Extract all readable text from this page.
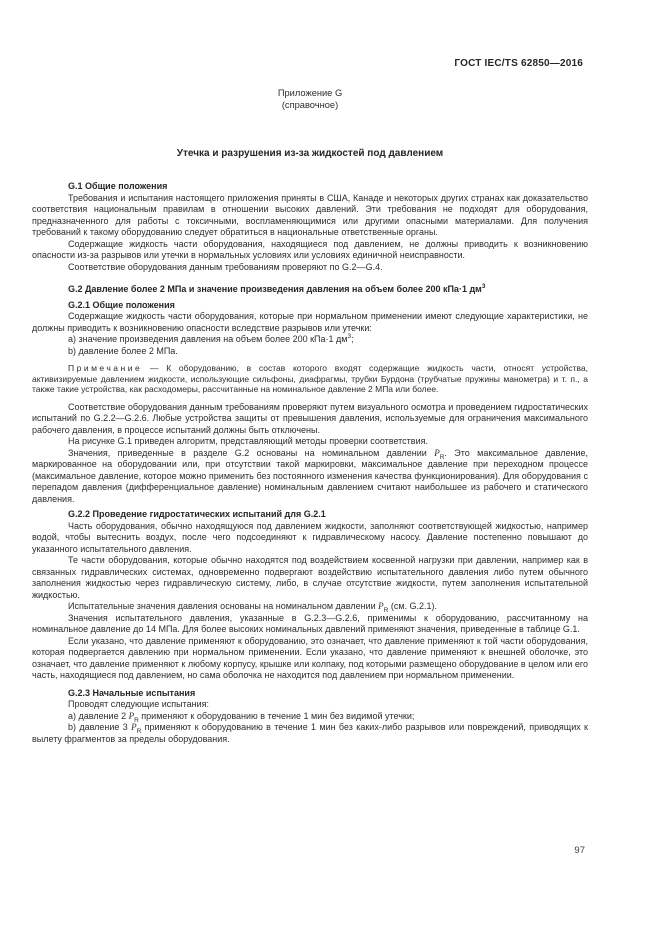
ГОСТ IEC/TS 62850—2016
Приложение G
(справочное)
Утечка и разрушения из-за жидкостей под давлением
G.1 Общие положения

Требования и испытания настоящего приложения приняты в США, Канаде и некоторых других странах как доказательство соответствия национальным правилам в отношении высоких давлений. Эти требования не подходят для оборудования, предназначенного для работы с токсичными, воспламеняющимися или другими опасными материалами. Для получения требований к такому оборудованию следует обратиться в национальные ответственные органы.

Содержащие жидкость части оборудования, находящиеся под давлением, не должны приводить к возникновению опасности из-за разрывов или утечки в нормальных условиях или условиях единичной неисправности.

Соответствие оборудования данным требованиям проверяют по G.2—G.4.

G.2 Давление более 2 МПа и значение произведения давления на объем более 200 кПа·1 $дм^3$
G.2.1 Общие положения

Содержащие жидкость части оборудования, которые при нормальном применении имеют следующие характеристики, не должны приводить к возникновению опасности вследствие разрывов или утечки:

a) значение произведения давления на объем более 200 кПа·1 $дм^3$;

b) давление более 2 МПа.

Примечание — К оборудованию, в состав которого входят содержащие жидкость части, относят устройства, активизируемые давлением жидкости, использующие сильфоны, диафрагмы, трубки Бурдона (трубчатые пружины манометра) и т. п., а также такие устройства, как расходомеры, рассчитанные на номинальное давление 2 МПа или более.

Соответствие оборудования данным требованиям проверяют путем визуального осмотра и проведением гидростатических испытаний по G.2.2—G.2.6. Любые устройства защиты от превышения давления, используемые для ограничения максимального рабочего давления, в процессе испытаний должны быть отключены.

На рисунке G.1 приведен алгоритм, представляющий методы проверки соответствия.

Значения, приведенные в разделе G.2 основаны на номинальном давлении $P_R$. Это максимальное давление, маркированное на оборудовании или, при отсутствии такой маркировки, максимальное давление при переходном процессе (максимальное давление, которое можно применить без постоянного изменения качества функционирования). Для оборудования с перепадом давления (дифференциальное давление) номинальным давлением считают наибольшее из рабочего и статического давления.

G.2.2 Проведение гидростатических испытаний для G.2.1

Часть оборудования, обычно находящуюся под давлением жидкости, заполняют соответствующей жидкостью, например водой, чтобы вытеснить воздух, после чего подсоединяют к гидравлическому насосу. Давление постепенно повышают до указанного испытательного давления.

Те части оборудования, которые обычно находятся под воздействием косвенной нагрузки при давлении, например как в связанных гидравлических системах, одновременно подвергают воздействию испытательного давления либо путем обычного заполнения жидкостью через гидравлическую систему, либо, в случае отсутствие жидкости, путем заполнения испытательной жидкостью.

Испытательные значения давления основаны на номинальном давлении $P_R$ (см. G.2.1).

Значения испытательного давления, указанные в G.2.3—G.2.6, применимы к оборудованию, рассчитанному на номинальное давление до 14 МПа. Для более высоких номинальных давлений применяют значения, приведенные в таблице G.1.

Если указано, что давление применяют к оборудованию, это означает, что давление применяют к той части оборудования, которая подвергается давлению при нормальном применении. Если указано, что давление применяют к внешней оболочке, это означает, что давление применяют к любому корпусу, крышке или колпаку, под которыми размещено оборудование в целом или его часть, находящиеся под давлением, но сама оболочка не находится под давлением при нормальном применении.

G.2.3 Начальные испытания

Проводят следующие испытания:

a) давление 2 $P_R$ применяют к оборудованию в течение 1 мин без видимой утечки;

b) давление 3 $P_R$ применяют к оборудованию в течение 1 мин без каких-либо разрывов или повреждений, приводящих к вылету фрагментов за пределы оборудования.

97
